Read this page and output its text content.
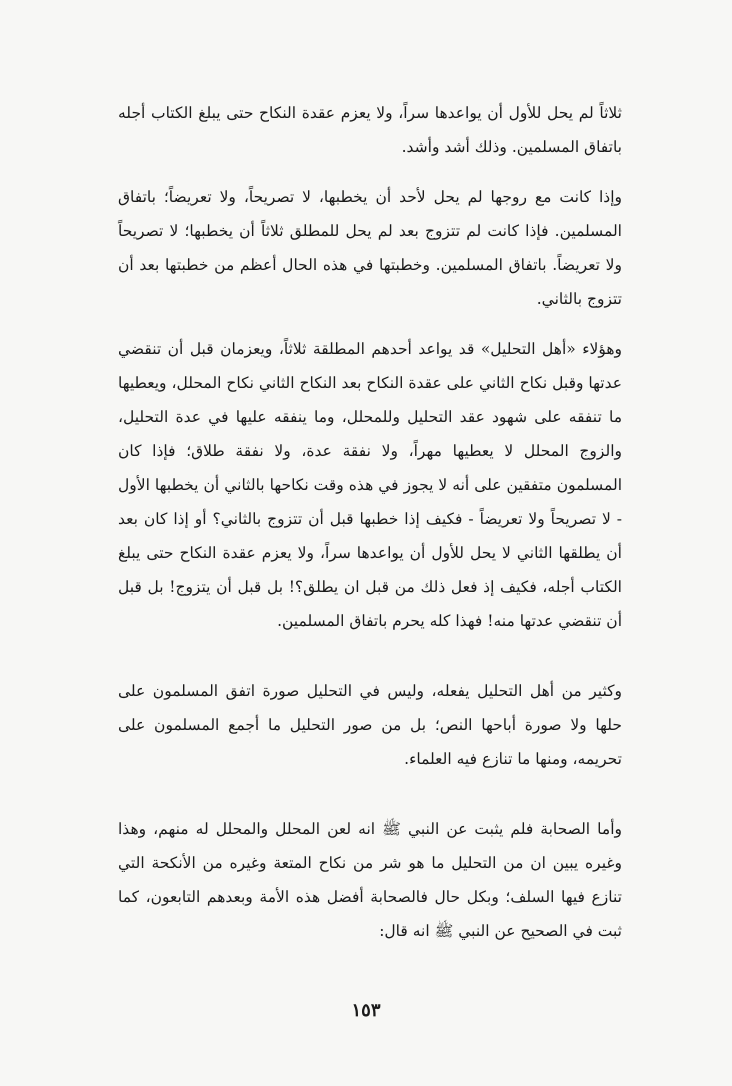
ثلاثاً لم يحل للأول أن يواعدها سراً، ولا يعزم عقدة النكاح حتى يبلغ الكتاب أجله باتفاق المسلمين. وذلك أشد وأشد.

وإذا كانت مع روجها لم يحل لأحد أن يخطبها، لا تصريحاً، ولا تعريضاً؛ باتفاق المسلمين. فإذا كانت لم تتزوج بعد لم يحل للمطلق ثلاثاً أن يخطبها؛ لا تصريحاً ولا تعريضاً. باتفاق المسلمين. وخطبتها في هذه الحال أعظم من خطبتها بعد أن تتزوج بالثاني.

وهؤلاء «أهل التحليل» قد يواعد أحدهم المطلقة ثلاثاً، ويعزمان قبل أن تنقضي عدتها وقبل نكاح الثاني على عقدة النكاح بعد النكاح الثاني نكاح المحلل، ويعطيها ما تنفقه على شهود عقد التحليل وللمحلل، وما ينفقه عليها في عدة التحليل، والزوج المحلل لا يعطيها مهراً، ولا نفقة عدة، ولا نفقة طلاق؛ فإذا كان المسلمون متفقين على أنه لا يجوز في هذه وقت نكاحها بالثاني أن يخطبها الأول - لا تصريحاً ولا تعريضاً - فكيف إذا خطبها قبل أن تتزوج بالثاني؟ أو إذا كان بعد أن يطلقها الثاني لا يحل للأول أن يواعدها سراً، ولا يعزم عقدة النكاح حتى يبلغ الكتاب أجله، فكيف إذ فعل ذلك من قبل ان يطلق؟! بل قبل أن يتزوج! بل قبل أن تنقضي عدتها منه! فهذا كله يحرم باتفاق المسلمين.

وكثير من أهل التحليل يفعله، وليس في التحليل صورة اتفق المسلمون على حلها ولا صورة أباحها النص؛ بل من صور التحليل ما أجمع المسلمون على تحريمه، ومنها ما تنازع فيه العلماء.

وأما الصحابة فلم يثبت عن النبي ﷺ انه لعن المحلل والمحلل له منهم، وهذا وغيره يبين ان من التحليل ما هو شر من نكاح المتعة وغيره من الأنكحة التي تنازع فيها السلف؛ وبكل حال فالصحابة أفضل هذه الأمة وبعدهم التابعون، كما ثبت في الصحيح عن النبي ﷺ انه قال:

١٥٣
